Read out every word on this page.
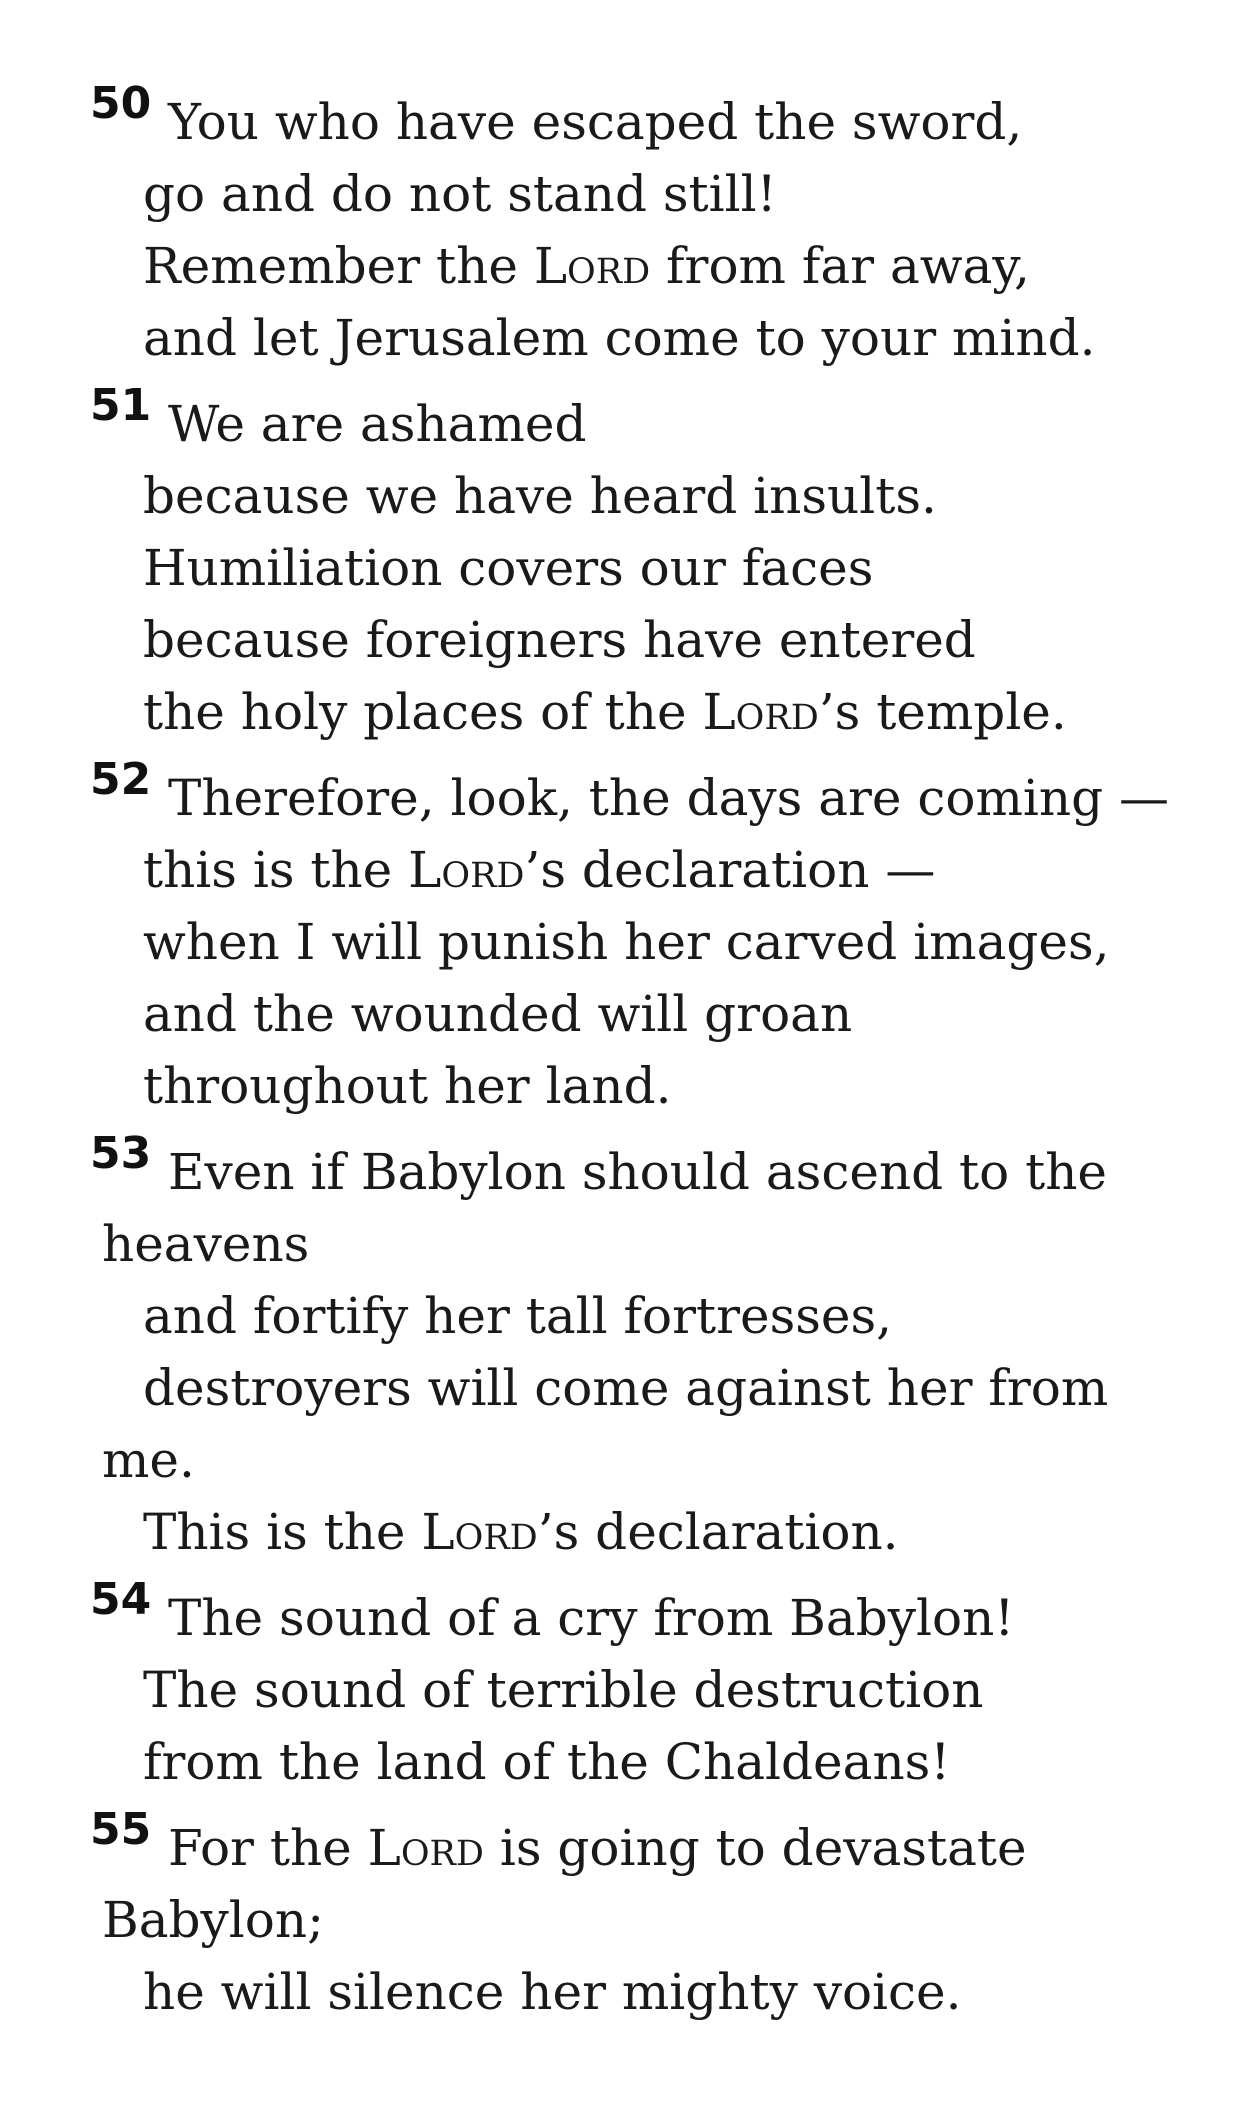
50 You who have escaped the sword,
go and do not stand still!
Remember the Lord from far away,
and let Jerusalem come to your mind.
51 We are ashamed
because we have heard insults.
Humiliation covers our faces
because foreigners have entered
the holy places of the Lord’s temple.
52 Therefore, look, the days are coming —
this is the Lord’s declaration —
when I will punish her carved images,
and the wounded will groan
throughout her land.
53 Even if Babylon should ascend to the
heavens
and fortify her tall fortresses,
destroyers will come against her from
me.
This is the Lord’s declaration.
54 The sound of a cry from Babylon!
The sound of terrible destruction
from the land of the Chaldeans!
55 For the Lord is going to devastate
Babylon;
he will silence her mighty voice.
